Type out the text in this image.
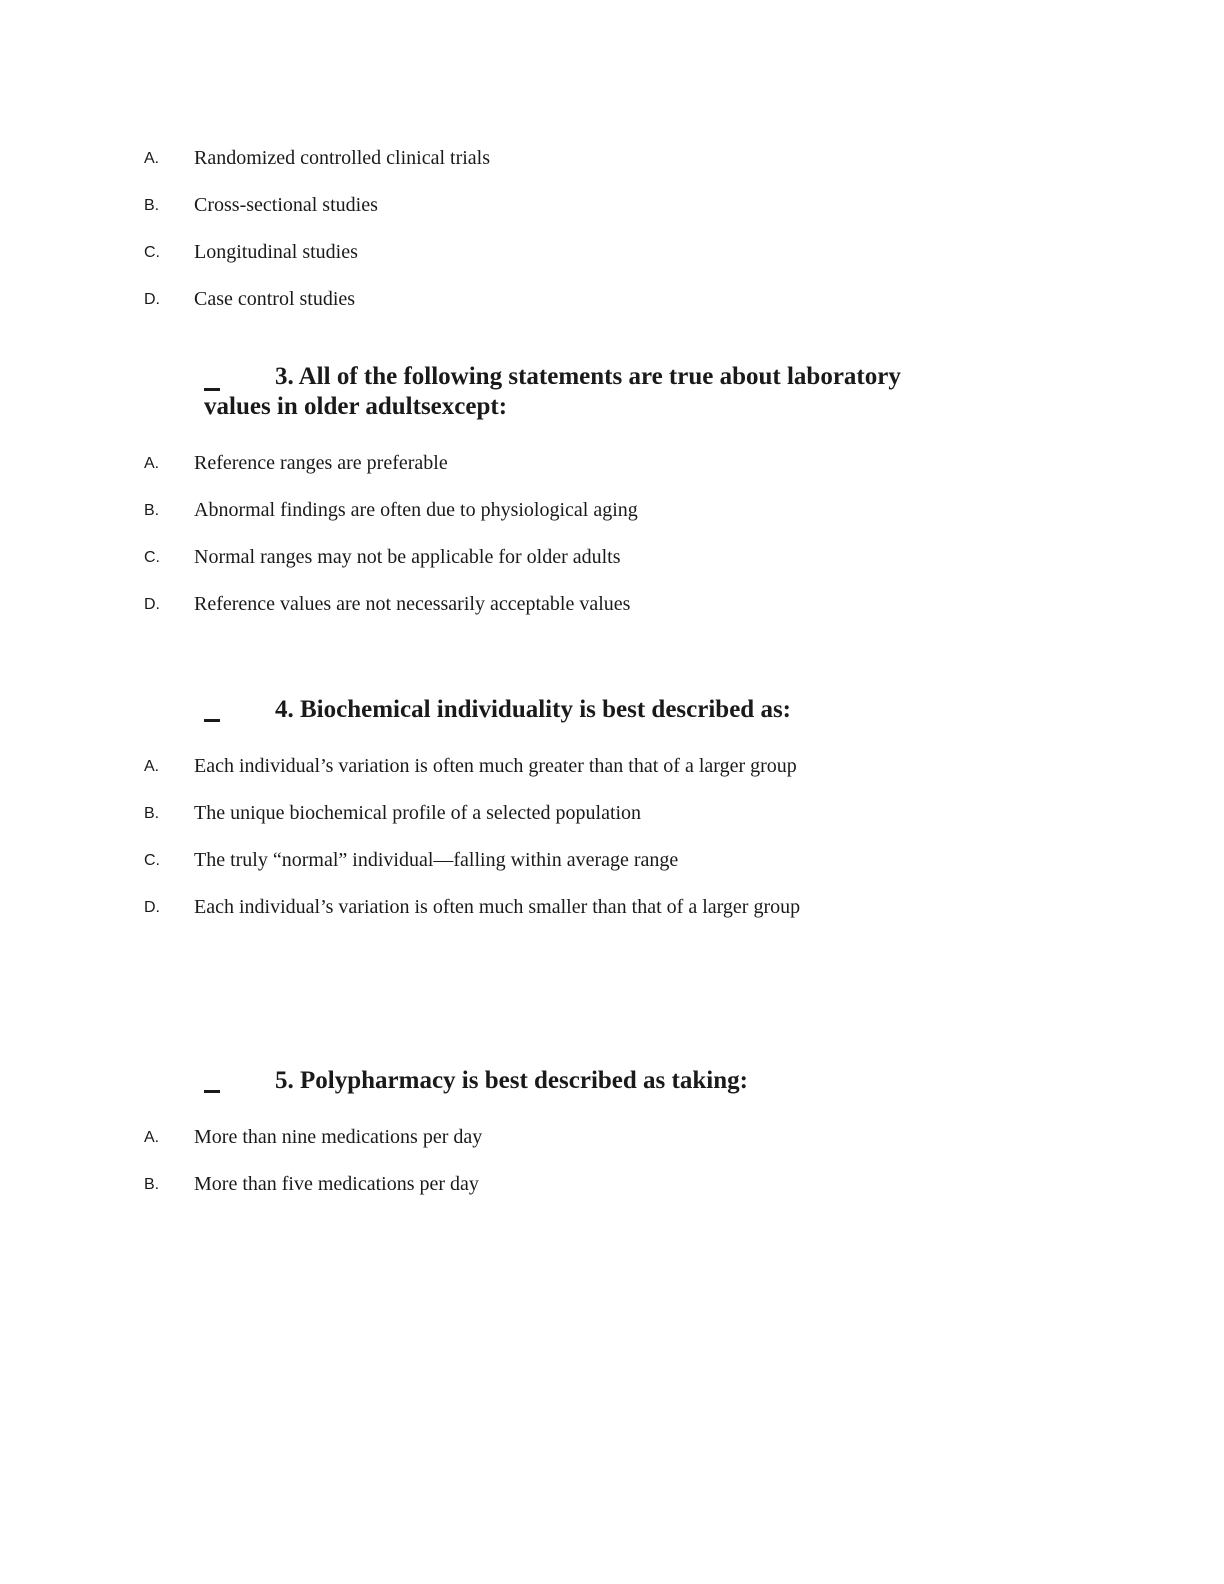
A. Randomized controlled clinical trials
B. Cross-sectional studies
C. Longitudinal studies
D. Case control studies
3. All of the following statements are true about laboratory values in older adultsexcept:
A. Reference ranges are preferable
B. Abnormal findings are often due to physiological aging
C. Normal ranges may not be applicable for older adults
D. Reference values are not necessarily acceptable values
4. Biochemical individuality is best described as:
A. Each individual’s variation is often much greater than that of a larger group
B. The unique biochemical profile of a selected population
C. The truly “normal” individual—falling within average range
D. Each individual’s variation is often much smaller than that of a larger group
5. Polypharmacy is best described as taking:
A. More than nine medications per day
B. More than five medications per day
